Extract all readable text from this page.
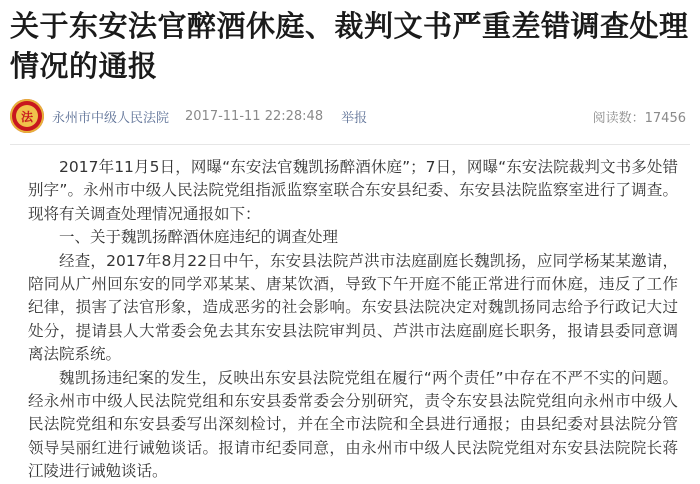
关于东安法官醉酒休庭、裁判文书严重差错调查处理情况的通报
法	永州市中级人民法院 2017-11-11 22:28:48 举报	阅读数：17456

2017年11月5日，网曝“东安法官魏凯扬醉酒休庭”；7日，网曝“东安法院裁判文书多处错别字”。永州市中级人民法院党组指派监察室联合东安县纪委、东安县法院监察室进行了调查。现将有关调查处理情况通报如下：

一、关于魏凯扬醉酒休庭违纪的调查处理

经查，2017年8月22日中午，东安县法院芦洪市法庭副庭长魏凯扬，应同学杨某某邀请，陪同从广州回东安的同学邓某某、唐某饮酒，导致下午开庭不能正常进行而休庭，违反了工作纪律，损害了法官形象，造成恶劣的社会影响。东安县法院决定对魏凯扬同志给予行政记大过处分，提请县人大常委会免去其东安县法院审判员、芦洪市法庭副庭长职务，报请县委同意调离法院系统。

魏凯扬违纪案的发生，反映出东安县法院党组在履行“两个责任”中存在不严不实的问题。经永州市中级人民法院党组和东安县委常委会分别研究，责令东安县法院党组向永州市中级人民法院党组和东安县委写出深刻检讨，并在全市法院和全县进行通报；由县纪委对县法院分管领导吴丽红进行诫勉谈话。报请市纪委同意，由永州市中级人民法院党组对东安县法院院长蒋江陵进行诫勉谈话。
